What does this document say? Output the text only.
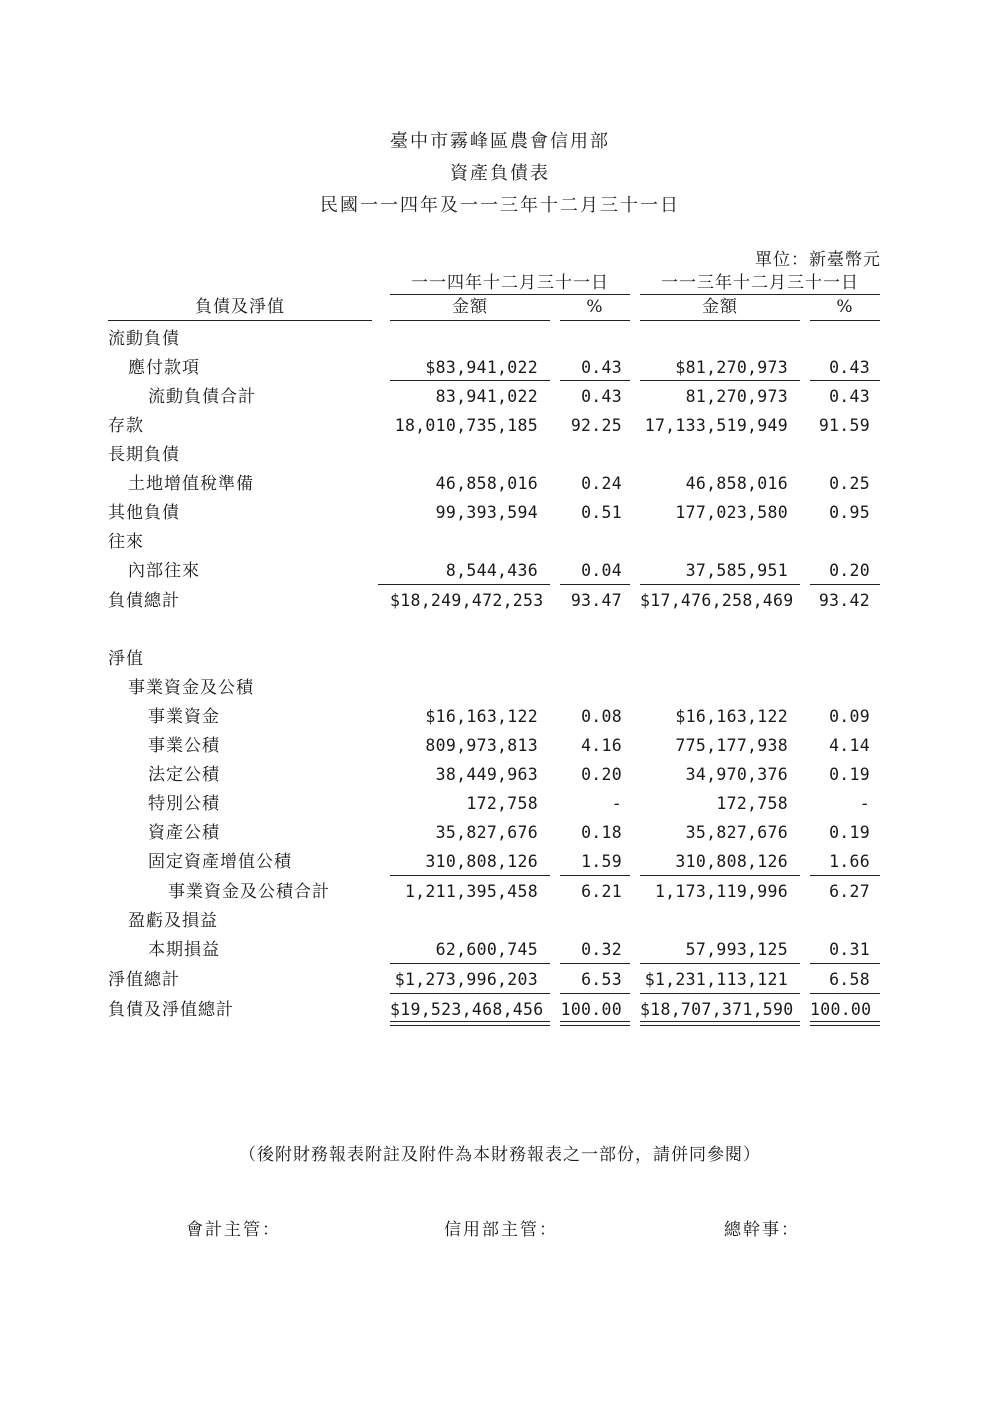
臺中市霧峰區農會信用部
資產負債表
民國一一四年及一一三年十二月三十一日
單位：新臺幣元
一一四年十二月三十一日	一一三年十二月三十一日
負債及淨值	金額	%	金額	%
流動負債
應付款項	$83,941,022	0.43	$81,270,973	0.43
流動負債合計	83,941,022	0.43	81,270,973	0.43
存款	18,010,735,185	92.25 17,133,519,949	91.59
長期負債
土地增值稅準備	46,858,016	0.24	46,858,016	0.25
其他負債	99,393,594	0.51	177,023,580	0.95
往來
內部往來	8,544,436	0.04	37,585,951	0.20
負債總計	$18,249,472,253	93.47 $17,476,258,469	93.42
淨值
事業資金及公積
事業資金	$16,163,122	0.08	$16,163,122	0.09
事業公積	809,973,813	4.16	775,177,938	4.14
法定公積	38,449,963	0.20	34,970,376	0.19
特別公積	172,758	-	172,758	-
資產公積	35,827,676	0.18	35,827,676	0.19
固定資產增值公積	310,808,126	1.59	310,808,126	1.66
事業資金及公積合計	1,211,395,458	6.21	1,173,119,996	6.27
盈虧及損益
本期損益	62,600,745	0.32	57,993,125	0.31
淨值總計	$1,273,996,203	6.53 $1,231,113,121	6.58
負債及淨值總計	$19,523,468,456 100.00 $18,707,371,590 100.00
（後附財務報表附註及附件為本財務報表之一部份，請併同參閱）
會計主管：	信用部主管：	總幹事：
